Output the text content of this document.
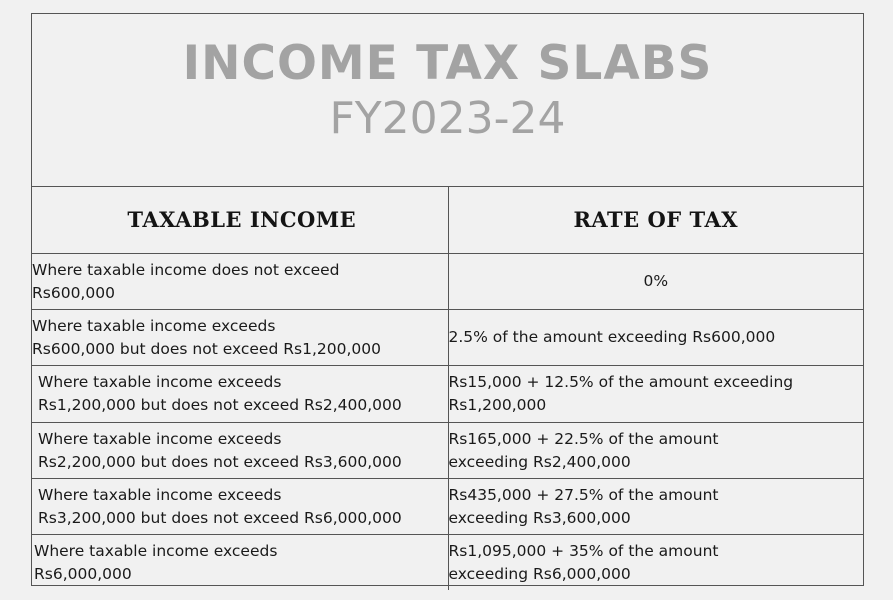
INCOME TAX SLABS
FY2023-24
TAXABLE INCOME	RATE OF TAX

Where taxable income does not exceed
Rs600,000	0%

Where taxable income exceeds
Rs600,000 but does not exceed Rs1,200,000	2.5% of the amount exceeding Rs600,000

Where taxable income exceeds
Rs1,200,000 but does not exceed Rs2,400,000	Rs15,000 + 12.5% of the amount exceeding
Rs1,200,000

Where taxable income exceeds
Rs2,200,000 but does not exceed Rs3,600,000	Rs165,000 + 22.5% of the amount
exceeding Rs2,400,000

Where taxable income exceeds
Rs3,200,000 but does not exceed Rs6,000,000	Rs435,000 + 27.5% of the amount
exceeding Rs3,600,000

Where taxable income exceeds
Rs6,000,000	Rs1,095,000 + 35% of the amount
exceeding Rs6,000,000
